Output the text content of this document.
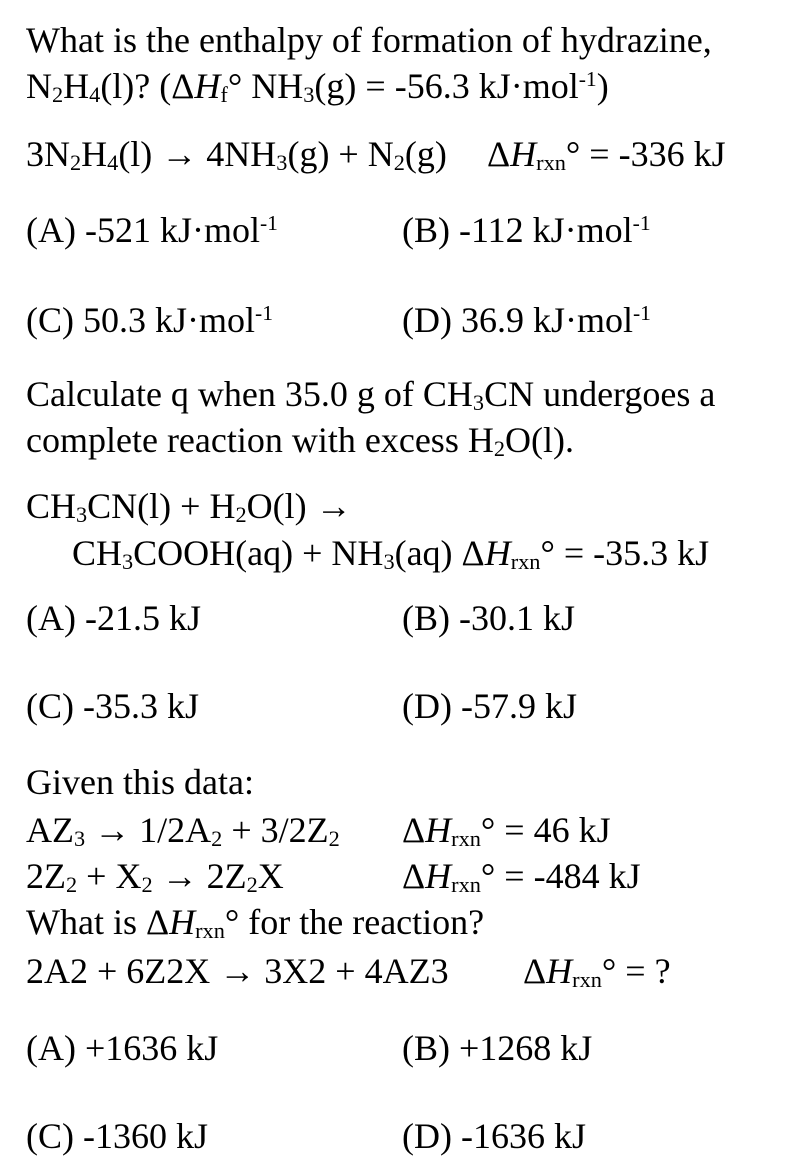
What is the enthalpy of formation of hydrazine,
$N_2H_4(l)$? ($\Delta H_f^\circ$ $NH_3(g) = -56.3$ kJ·mol$^{-1}$)
$3N_2H_4(l) \to 4NH_3(g) + N_2(g)$ ΔHrxn° = -336 kJ
(A) -521 kJ·mol$^{-1}$	(B) -112 kJ·mol$^{-1}$
(C) 50.3 kJ·mol$^{-1}$	(D) 36.9 kJ·mol$^{-1}$
Calculate q when 35.0 g of $CH_3CN$ undergoes a
complete reaction with excess $H_2O(l)$.
$CH_3CN(l) + H_2O(l)$ →
$CH_3COOH(aq) + NH_3(aq)$ ΔHrxn° = -35.3 kJ
(A) -21.5 kJ	(B) -30.1 kJ
(C) -35.3 kJ	(D) -57.9 kJ
Given this data:
$AZ_3 \to 1/2A_2 + 3/2Z_2$ ΔHrxn° = 46 kJ
$2Z_2 + X_2 \to 2Z_2X$	ΔHrxn° = -484 kJ
What is ΔHrxn° for the reaction?
2A2 + 6Z2X → 3X2 + 4AZ3 ΔHrxn° = ?
(A) +1636 kJ	(B) +1268 kJ
(C) -1360 kJ	(D) -1636 kJ
